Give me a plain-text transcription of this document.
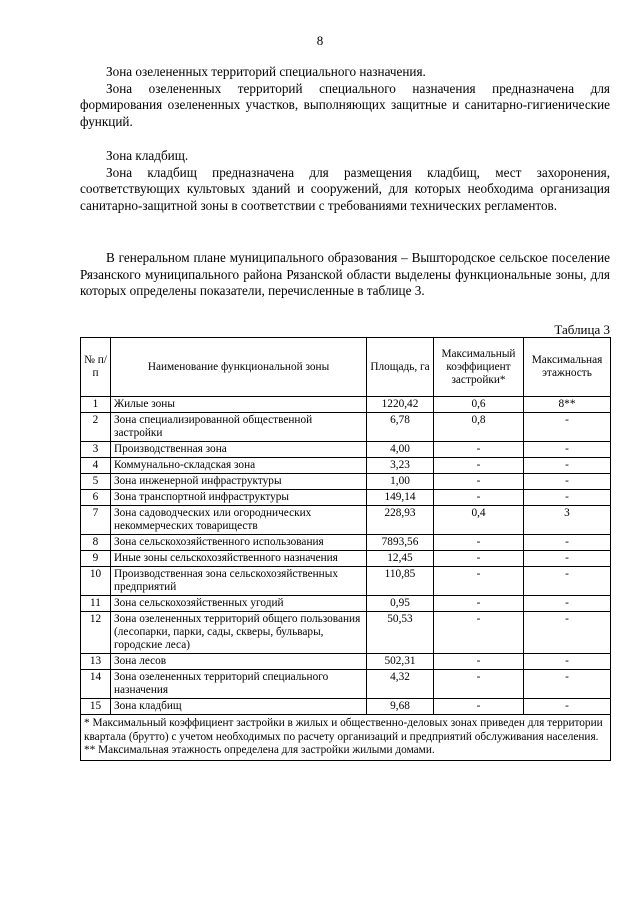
8

Зона озелененных территорий специального назначения.

Зона озелененных территорий специального назначения предназначена для формирования озелененных участков, выполняющих защитные и санитарно-гигиенические функций.

Зона кладбищ.

Зона кладбищ предназначена для размещения кладбищ, мест захоронения, соответствующих культовых зданий и сооружений, для которых необходима организация санитарно-защитной зоны в соответствии с требованиями технических регламентов.

В генеральном плане муниципального образования – Выштородское сельское поселение Рязанского муниципального района Рязанской области выделены функциональные зоны, для которых определены показатели, перечисленные в таблице 3.

Таблица 3
№ п/п	Наименование функциональной зоны	Площадь, га	Максимальный коэффициент застройки*	Максимальная этажность
1	Жилые зоны	1220,42	0,6	8**
2	Зона специализированной общественной застройки	6,78	0,8	-
3	Производственная зона	4,00	-	-
4	Коммунально-складская зона	3,23	-	-
5	Зона инженерной инфраструктуры	1,00	-	-
6	Зона транспортной инфраструктуры	149,14	-	-
7	Зона садоводческих или огороднических некоммерческих товариществ	228,93	0,4	3
8	Зона сельскохозяйственного использования	7893,56	-	-
9	Иные зоны сельскохозяйственного назначения	12,45	-	-
10	Производственная зона сельскохозяйственных предприятий	110,85	-	-
11	Зона сельскохозяйственных угодий	0,95	-	-
12	Зона озелененных территорий общего пользования (лесопарки, парки, сады, скверы, бульвары, городские леса)	50,53	-	-
13	Зона лесов	502,31	-	-
14	Зона озелененных территорий специального назначения	4,32	-	-
15	Зона кладбищ	9,68	-	-

* Максимальный коэффициент застройки в жилых и общественно-деловых зонах приведен для территории квартала (брутто) с учетом необходимых по расчету организаций и предприятий обслуживания населения.
** Максимальная этажность определена для застройки жилыми домами.				
